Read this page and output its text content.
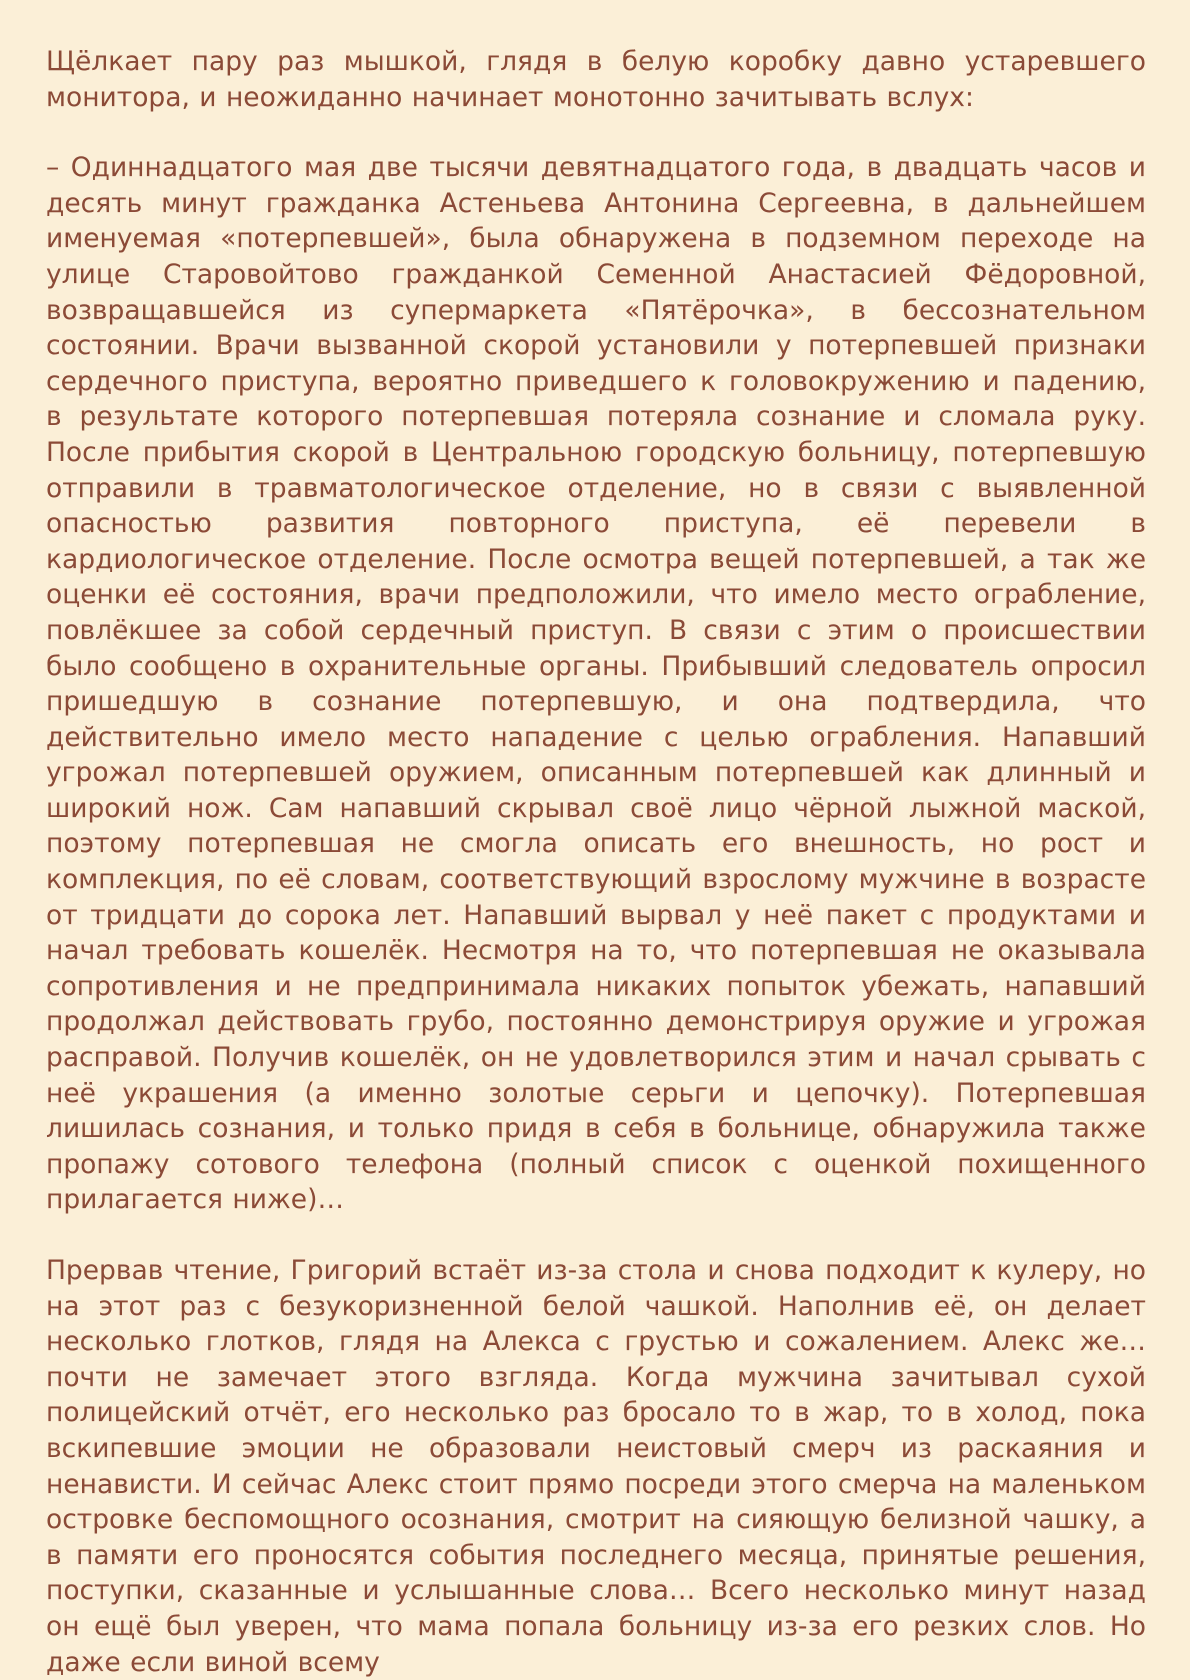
Щёлкает пару раз мышкой, глядя в белую коробку давно устаревшего монитора, и неожиданно начинает монотонно зачитывать вслух:

– Одиннадцатого мая две тысячи девятнадцатого года, в двадцать часов и десять минут гражданка Астеньева Антонина Сергеевна, в дальнейшем именуемая «потерпевшей», была обнаружена в подземном переходе на улице Старовойтово гражданкой Семенной Анастасией Фёдоровной, возвращавшейся из супермаркета «Пятёрочка», в бессознательном состоянии. Врачи вызванной скорой установили у потерпевшей признаки сердечного приступа, вероятно приведшего к головокружению и падению, в результате которого потерпевшая потеряла сознание и сломала руку. После прибытия скорой в Центральною городскую больницу, потерпевшую отправили в травматологическое отделение, но в связи с выявленной опасностью развития повторного приступа, её перевели в кардиологическое отделение. После осмотра вещей потерпевшей, а так же оценки её состояния, врачи предположили, что имело место ограбление, повлёкшее за собой сердечный приступ. В связи с этим о происшествии было сообщено в охранительные органы. Прибывший следователь опросил пришедшую в сознание потерпевшую, и она подтвердила, что действительно имело место нападение с целью ограбления. Напавший угрожал потерпевшей оружием, описанным потерпевшей как длинный и широкий нож. Сам напавший скрывал своё лицо чёрной лыжной маской, поэтому потерпевшая не смогла описать его внешность, но рост и комплекция, по её словам, соответствующий взрослому мужчине в возрасте от тридцати до сорока лет. Напавший вырвал у неё пакет с продуктами и начал требовать кошелёк. Несмотря на то, что потерпевшая не оказывала сопротивления и не предпринимала никаких попыток убежать, напавший продолжал действовать грубо, постоянно демонстрируя оружие и угрожая расправой. Получив кошелёк, он не удовлетворился этим и начал срывать с неё украшения (а именно золотые серьги и цепочку). Потерпевшая лишилась сознания, и только придя в себя в больнице, обнаружила также пропажу сотового телефона (полный список с оценкой похищенного прилагается ниже)…

Прервав чтение, Григорий встаёт из-за стола и снова подходит к кулеру, но на этот раз с безукоризненной белой чашкой. Наполнив её, он делает несколько глотков, глядя на Алекса с грустью и сожалением. Алекс же… почти не замечает этого взгляда. Когда мужчина зачитывал сухой полицейский отчёт, его несколько раз бросало то в жар, то в холод, пока вскипевшие эмоции не образовали неистовый смерч из раскаяния и ненависти. И сейчас Алекс стоит прямо посреди этого смерча на маленьком островке беспомощного осознания, смотрит на сияющую белизной чашку, а в памяти его проносятся события последнего месяца, принятые решения, поступки, сказанные и услышанные слова… Всего несколько минут назад он ещё был уверен, что мама попала больницу из-за его резких слов. Но даже если виной всему
